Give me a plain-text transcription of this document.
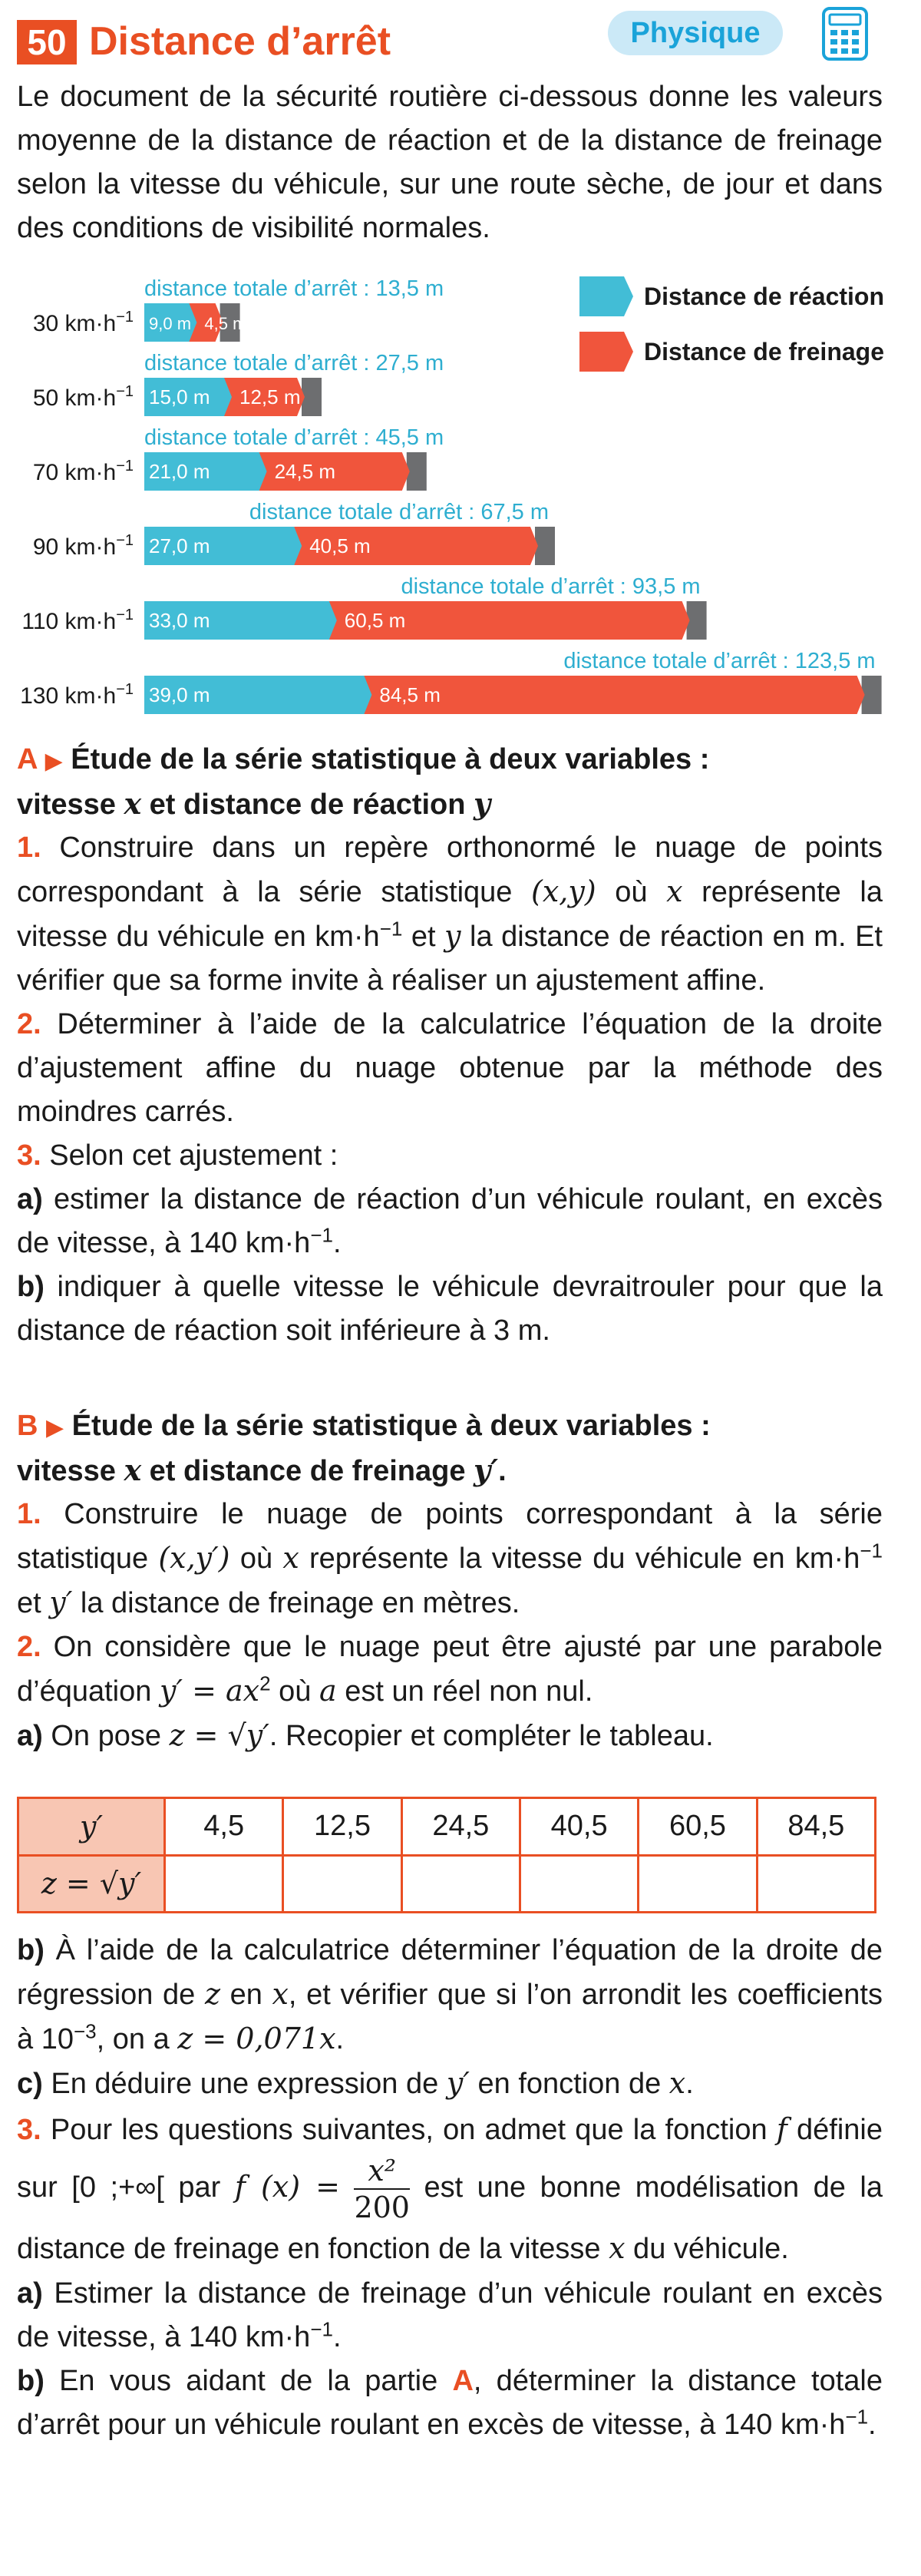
50 Distance d’arrêt	Physique
Le document de la sécurité routière ci-dessous donne les valeurs moyenne de la distance de réaction et de la distance de freinage selon la vitesse du véhicule, sur une route sèche, de jour et dans des conditions de visibilité normales.
distance totale d’arrêt : 13,5 m
30 $km\cdot h^{-1}$ 9,0 m 4,5 m
distance totale d’arrêt : 27,5 m
50 $km\cdot h^{-1}$ 15,0 m 12,5 m
distance totale d’arrêt : 45,5 m
70 $km\cdot h^{-1}$ 21,0 m	24,5 m
distance totale d’arrêt : 67,5 m
90 $km\cdot h^{-1}$ 27,0 m	40,5 m
distance totale d’arrêt : 93,5 m
110 $km\cdot h^{-1}$ 33,0 m	60,5 m
distance totale d’arrêt : 123,5 m
130 $km\cdot h^{-1}$ 39,0 m	84,5 m
Distance de réaction
Distance de freinage

A ▶ Étude de la série statistique à deux variables :
vitesse x et distance de réaction y

1. Construire dans un repère orthonormé le nuage de points correspondant à la série statistique (x,y) où x représente la vitesse du véhicule en $km\cdot h^{-1}$ et y la distance de réaction en m. Et vérifier que sa forme invite à réaliser un ajustement affine.

2. Déterminer à l’aide de la calculatrice l’équation de la droite d’ajustement affine du nuage obtenue par la méthode des moindres carrés.

3. Selon cet ajustement :

a) estimer la distance de réaction d’un véhicule roulant, en excès de vitesse, à 140 $km\cdot h^{-1}$.

b) indiquer à quelle vitesse le véhicule devraitrouler pour que la distance de réaction soit inférieure à 3 m.

B ▶ Étude de la série statistique à deux variables :
vitesse x et distance de freinage y′.

1. Construire le nuage de points correspondant à la série statistique (x,y′) où x représente la vitesse du véhicule en $km\cdot h^{-1}$ et y′ la distance de freinage en mètres.

2. On considère que le nuage peut être ajusté par une parabole d’équation $y' = ax^2$ où a est un réel non nul.

a) On pose z = √y′. Recopier et compléter le tableau.

y′	4,5	12,5	24,5	40,5	60,5	84,5
z = √y′						

b) À l’aide de la calculatrice déterminer l’équation de la droite de régression de z en x, et vérifier que si l’on arrondit les coefficients à $10^{-3}$, on a z = 0,071x.

c) En déduire une expression de y′ en fonction de x.

3. Pour les questions suivantes, on admet que la fonction f définie sur [0 ;+∞[ par f $(x) = \frac{\text{x²}}{200}$ est une bonne modélisation de la distance de freinage en fonction de la vitesse x du véhicule.

a) Estimer la distance de freinage d’un véhicule roulant en excès de vitesse, à 140 $km\cdot h^{-1}$.

b) En vous aidant de la partie A, déterminer la distance totale d’arrêt pour un véhicule roulant en excès de vitesse, à 140 $km\cdot h^{-1}$.
